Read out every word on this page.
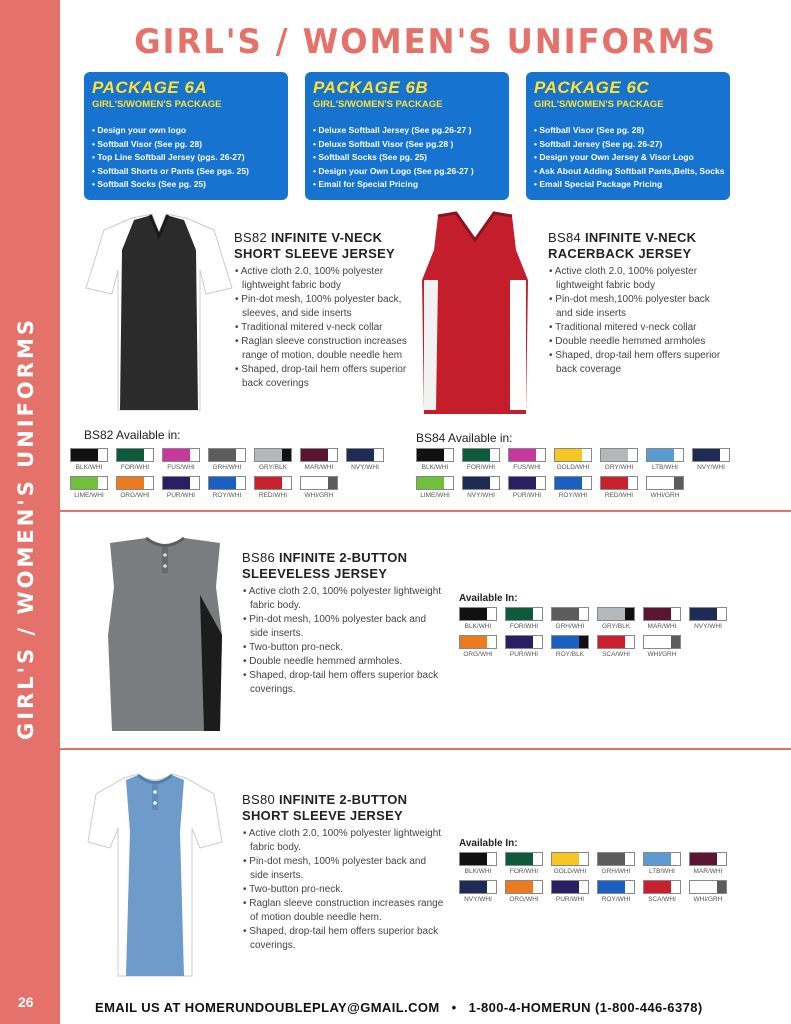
GIRL'S / WOMEN'S UNIFORMS
26
GIRL'S / WOMEN'S UNIFORMS
PACKAGE 6A
GIRL'S/WOMEN'S PACKAGE
• Design your own logo
• Softball Visor (See pg. 28)
• Top Line Softball Jersey (pgs. 26-27)
• Softball Shorts or Pants (See pgs. 25)
• Softball Socks (See pg. 25)
PACKAGE 6B
GIRL'S/WOMEN'S PACKAGE
• Deluxe Softball Jersey (See pg.26-27 )
• Deluxe Softball Visor (See pg.28 )
• Softball Socks (See pg. 25)
• Design your Own Logo (See pg.26-27 )
• Email for Special Pricing
PACKAGE 6C
GIRL'S/WOMEN'S PACKAGE
• Softball Visor (See pg. 28)
• Softball Jersey (See pg. 26-27)
• Design your Own Jersey & Visor Logo
• Ask About Adding Softball Pants,Belts, Socks
• Email Special Package Pricing
BS82 INFINITE V-NECK
SHORT SLEEVE JERSEY
• Active cloth 2.0, 100% polyester lightweight fabric body
• Pin-dot mesh, 100% polyester back, sleeves, and side inserts
• Traditional mitered v-neck collar
• Raglan sleeve construction increases range of motion, double needle hem
• Shaped, drop-tail hem offers superior back coverings
BS84 INFINITE V-NECK
RACERBACK JERSEY
• Active cloth 2.0, 100% polyester lightweight fabric body
• Pin-dot mesh,100% polyester back and side inserts
• Traditional mitered v-neck collar
• Double needle hemmed armholes
• Shaped, drop-tail hem offers superior back coverage
BS82 Available in:
BLK/WHI	FOR/WHI	FUS/WHI	GRH/WHI	GRY/BLK	MAR/WHI	NVY/WHI
LIME/WHI	ORG/WHI	PUR/WHI	ROY/WHI	RED/WHI	WHI/GRH
BS84 Available in:
BLK/WHI	FOR/WHI	FUS/WHI	GOLD/WHI	GRY/WHI	LTB/WHI	NVY/WHI
LIME/WHI	NVY/WHI	PUR/WHI	ROY/WHI	RED/WHI	WHI/GRH
BS86 INFINITE 2-BUTTON
SLEEVELESS JERSEY
• Active cloth 2.0, 100% polyester lightweight fabric body.
• Pin-dot mesh, 100% polyester back and side inserts.
• Two-button pro-neck.
• Double needle hemmed armholes.
• Shaped, drop-tail hem offers superior back coverings.
Available In:
BLK/WHI	FOR/WHI	GRH/WHI	GRY/BLK	MAR/WHI	NVY/WHI
ORG/WHI	PUR/WHI	ROY/BLK	SCA/WHI	WHI/GRH
BS80 INFINITE 2-BUTTON
SHORT SLEEVE JERSEY
• Active cloth 2.0, 100% polyester lightweight fabric body.
• Pin-dot mesh, 100% polyester back and side inserts.
• Two-button pro-neck.
• Raglan sleeve construction increases range of motion double needle hem.
• Shaped, drop-tail hem offers superior back coverings.
Available In:
BLK/WHI	FOR/WHI	GOLD/WHI	GRH/WHI	LTB/WHI	MAR/WHI
NVY/WHI	ORG/WHI	PUR/WHI	ROY/WHI	SCA/WHI	WHI/GRH
EMAIL US AT HOMERUNDOUBLEPLAY@GMAIL.COM • 1-800-4-HOMERUN (1-800-446-6378)
